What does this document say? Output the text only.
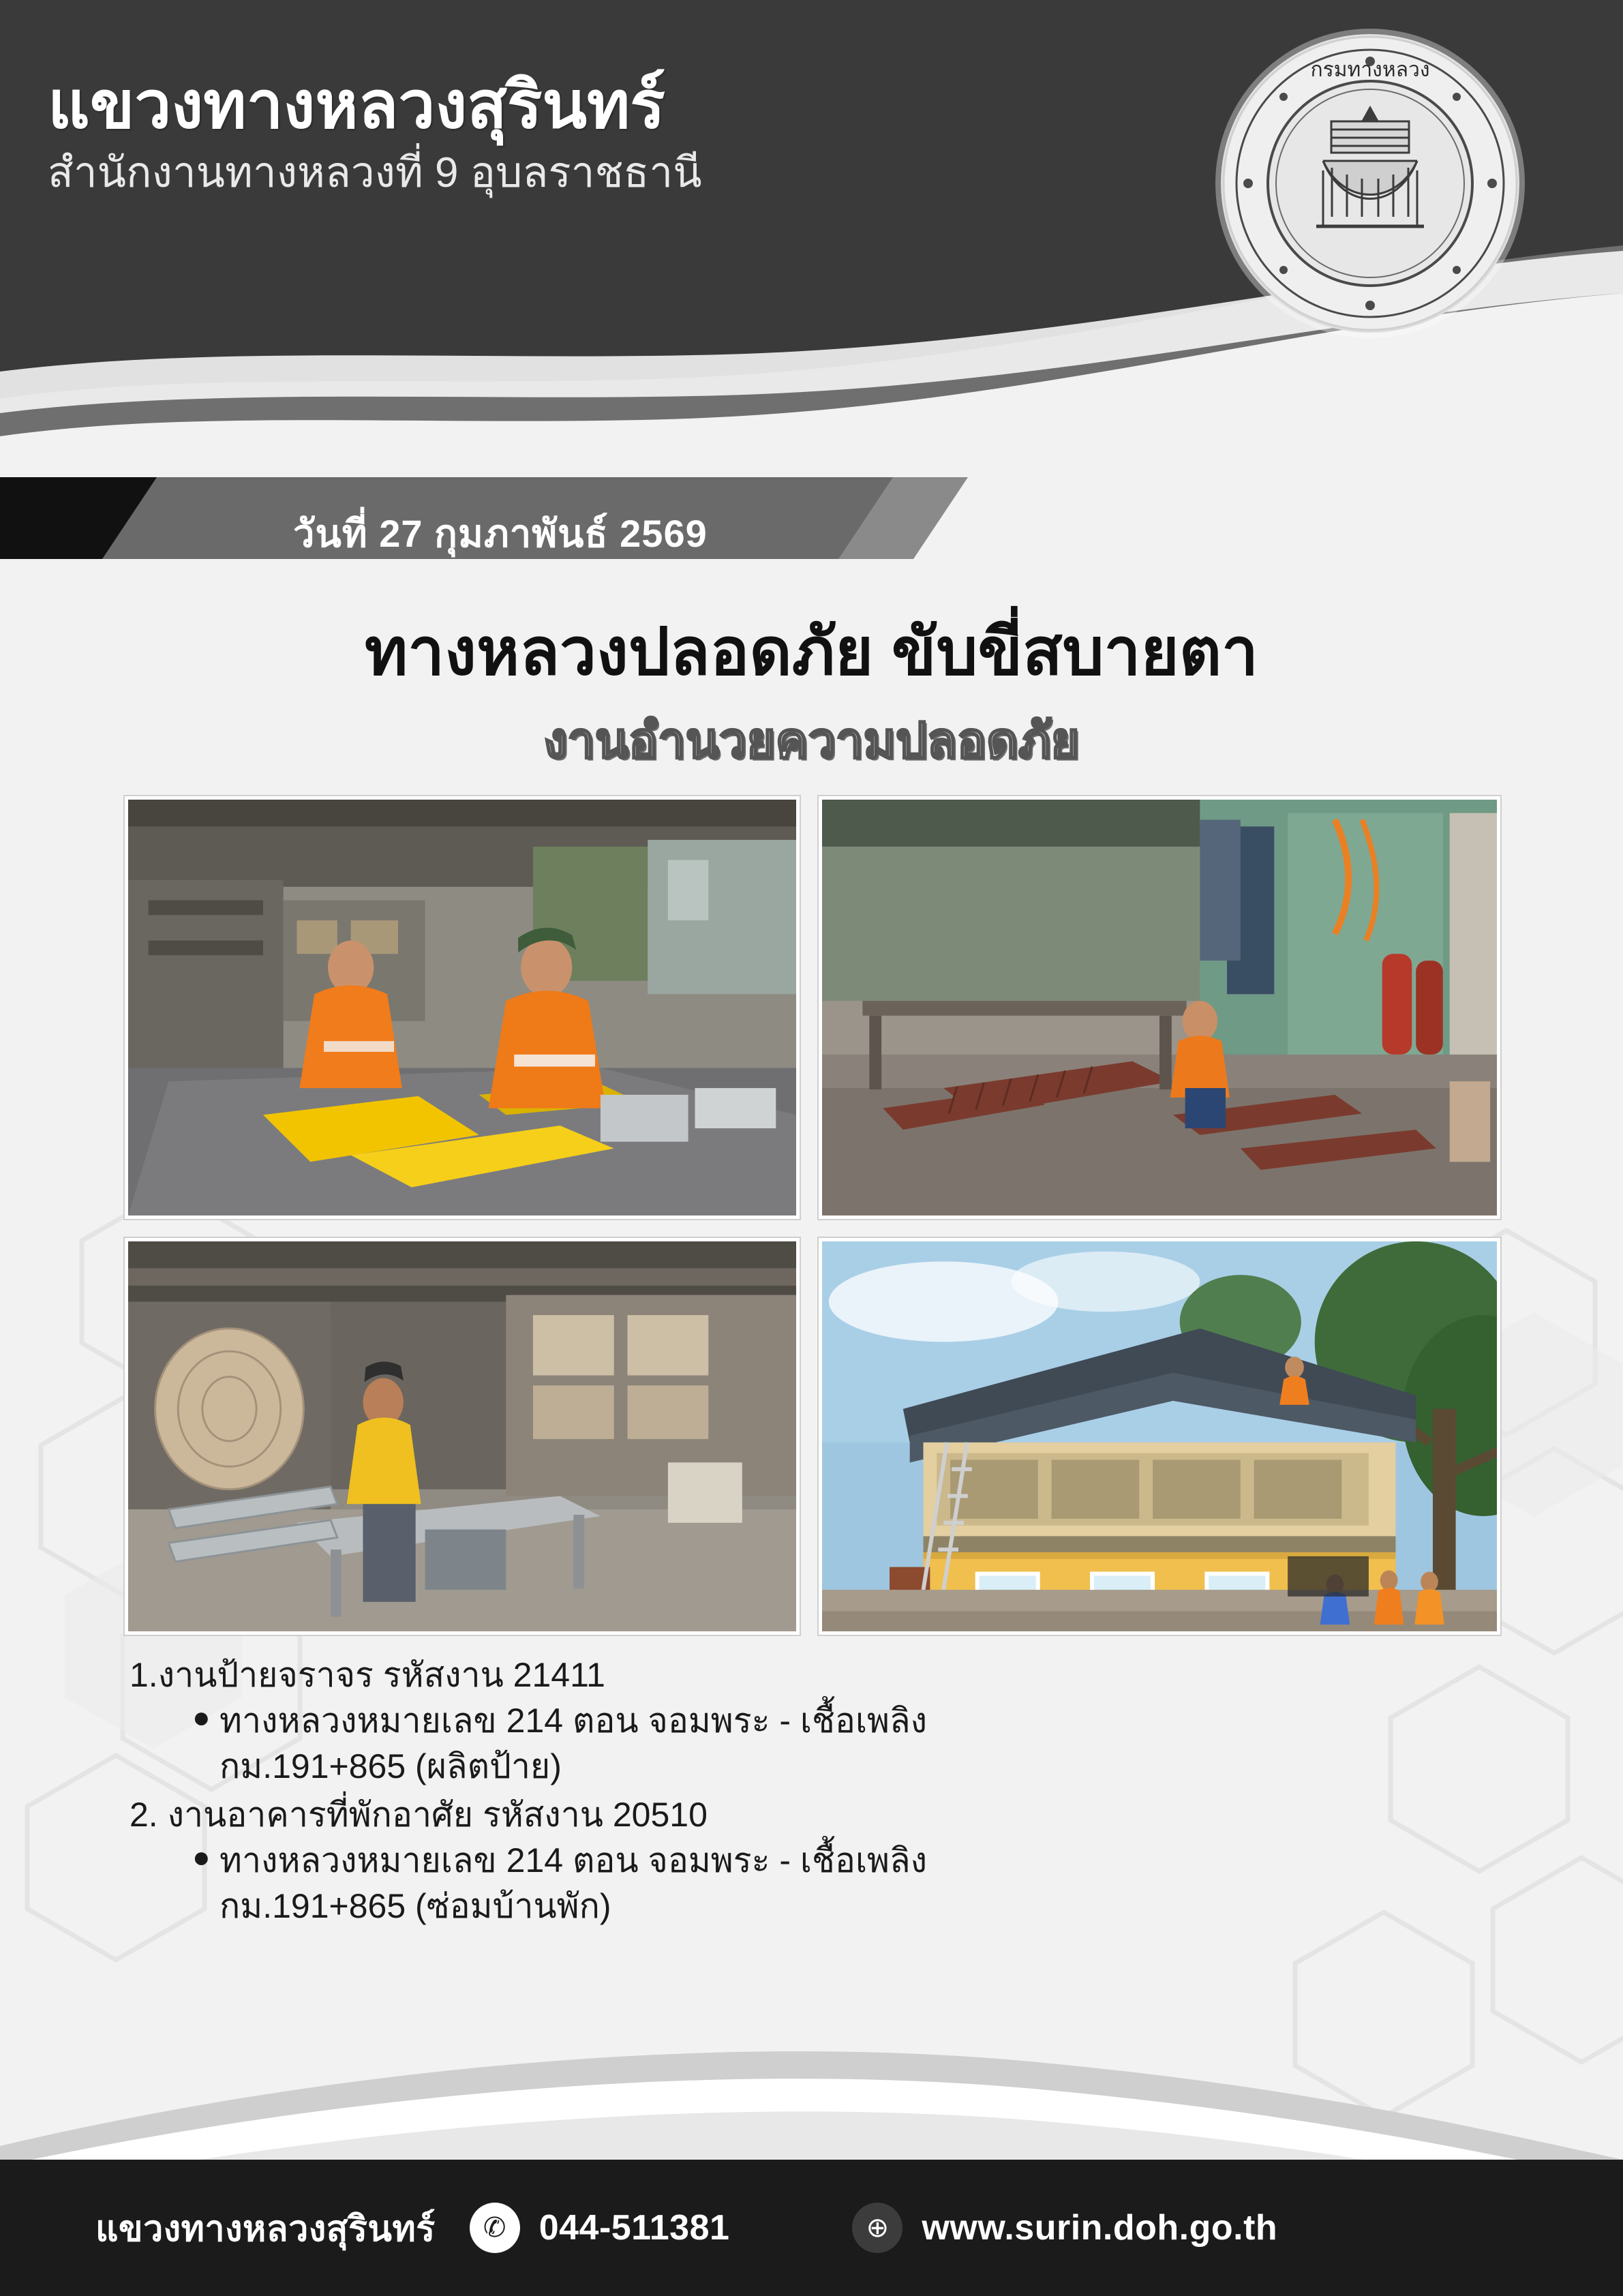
แขวงทางหลวงสุรินทร์
สำนักงานทางหลวงที่ 9 อุบลราชธานี
กรมทางหลวง
วันที่ 27 กุมภาพันธ์ 2569
ทางหลวงปลอดภัย ขับขี่สบายตา
งานอำนวยความปลอดภัย
1.งานป้ายจราจร รหัสงาน 21411
● ทางหลวงหมายเลข 214 ตอน จอมพระ - เชื้อเพลิง
กม.191+865 (ผลิตป้าย)
2. งานอาคารที่พักอาศัย รหัสงาน 20510
● ทางหลวงหมายเลข 214 ตอน จอมพระ - เชื้อเพลิง
กม.191+865 (ซ่อมบ้านพัก)
แขวงทางหลวงสุรินทร์	✆ 044-511381	⊕ www.surin.doh.go.th
